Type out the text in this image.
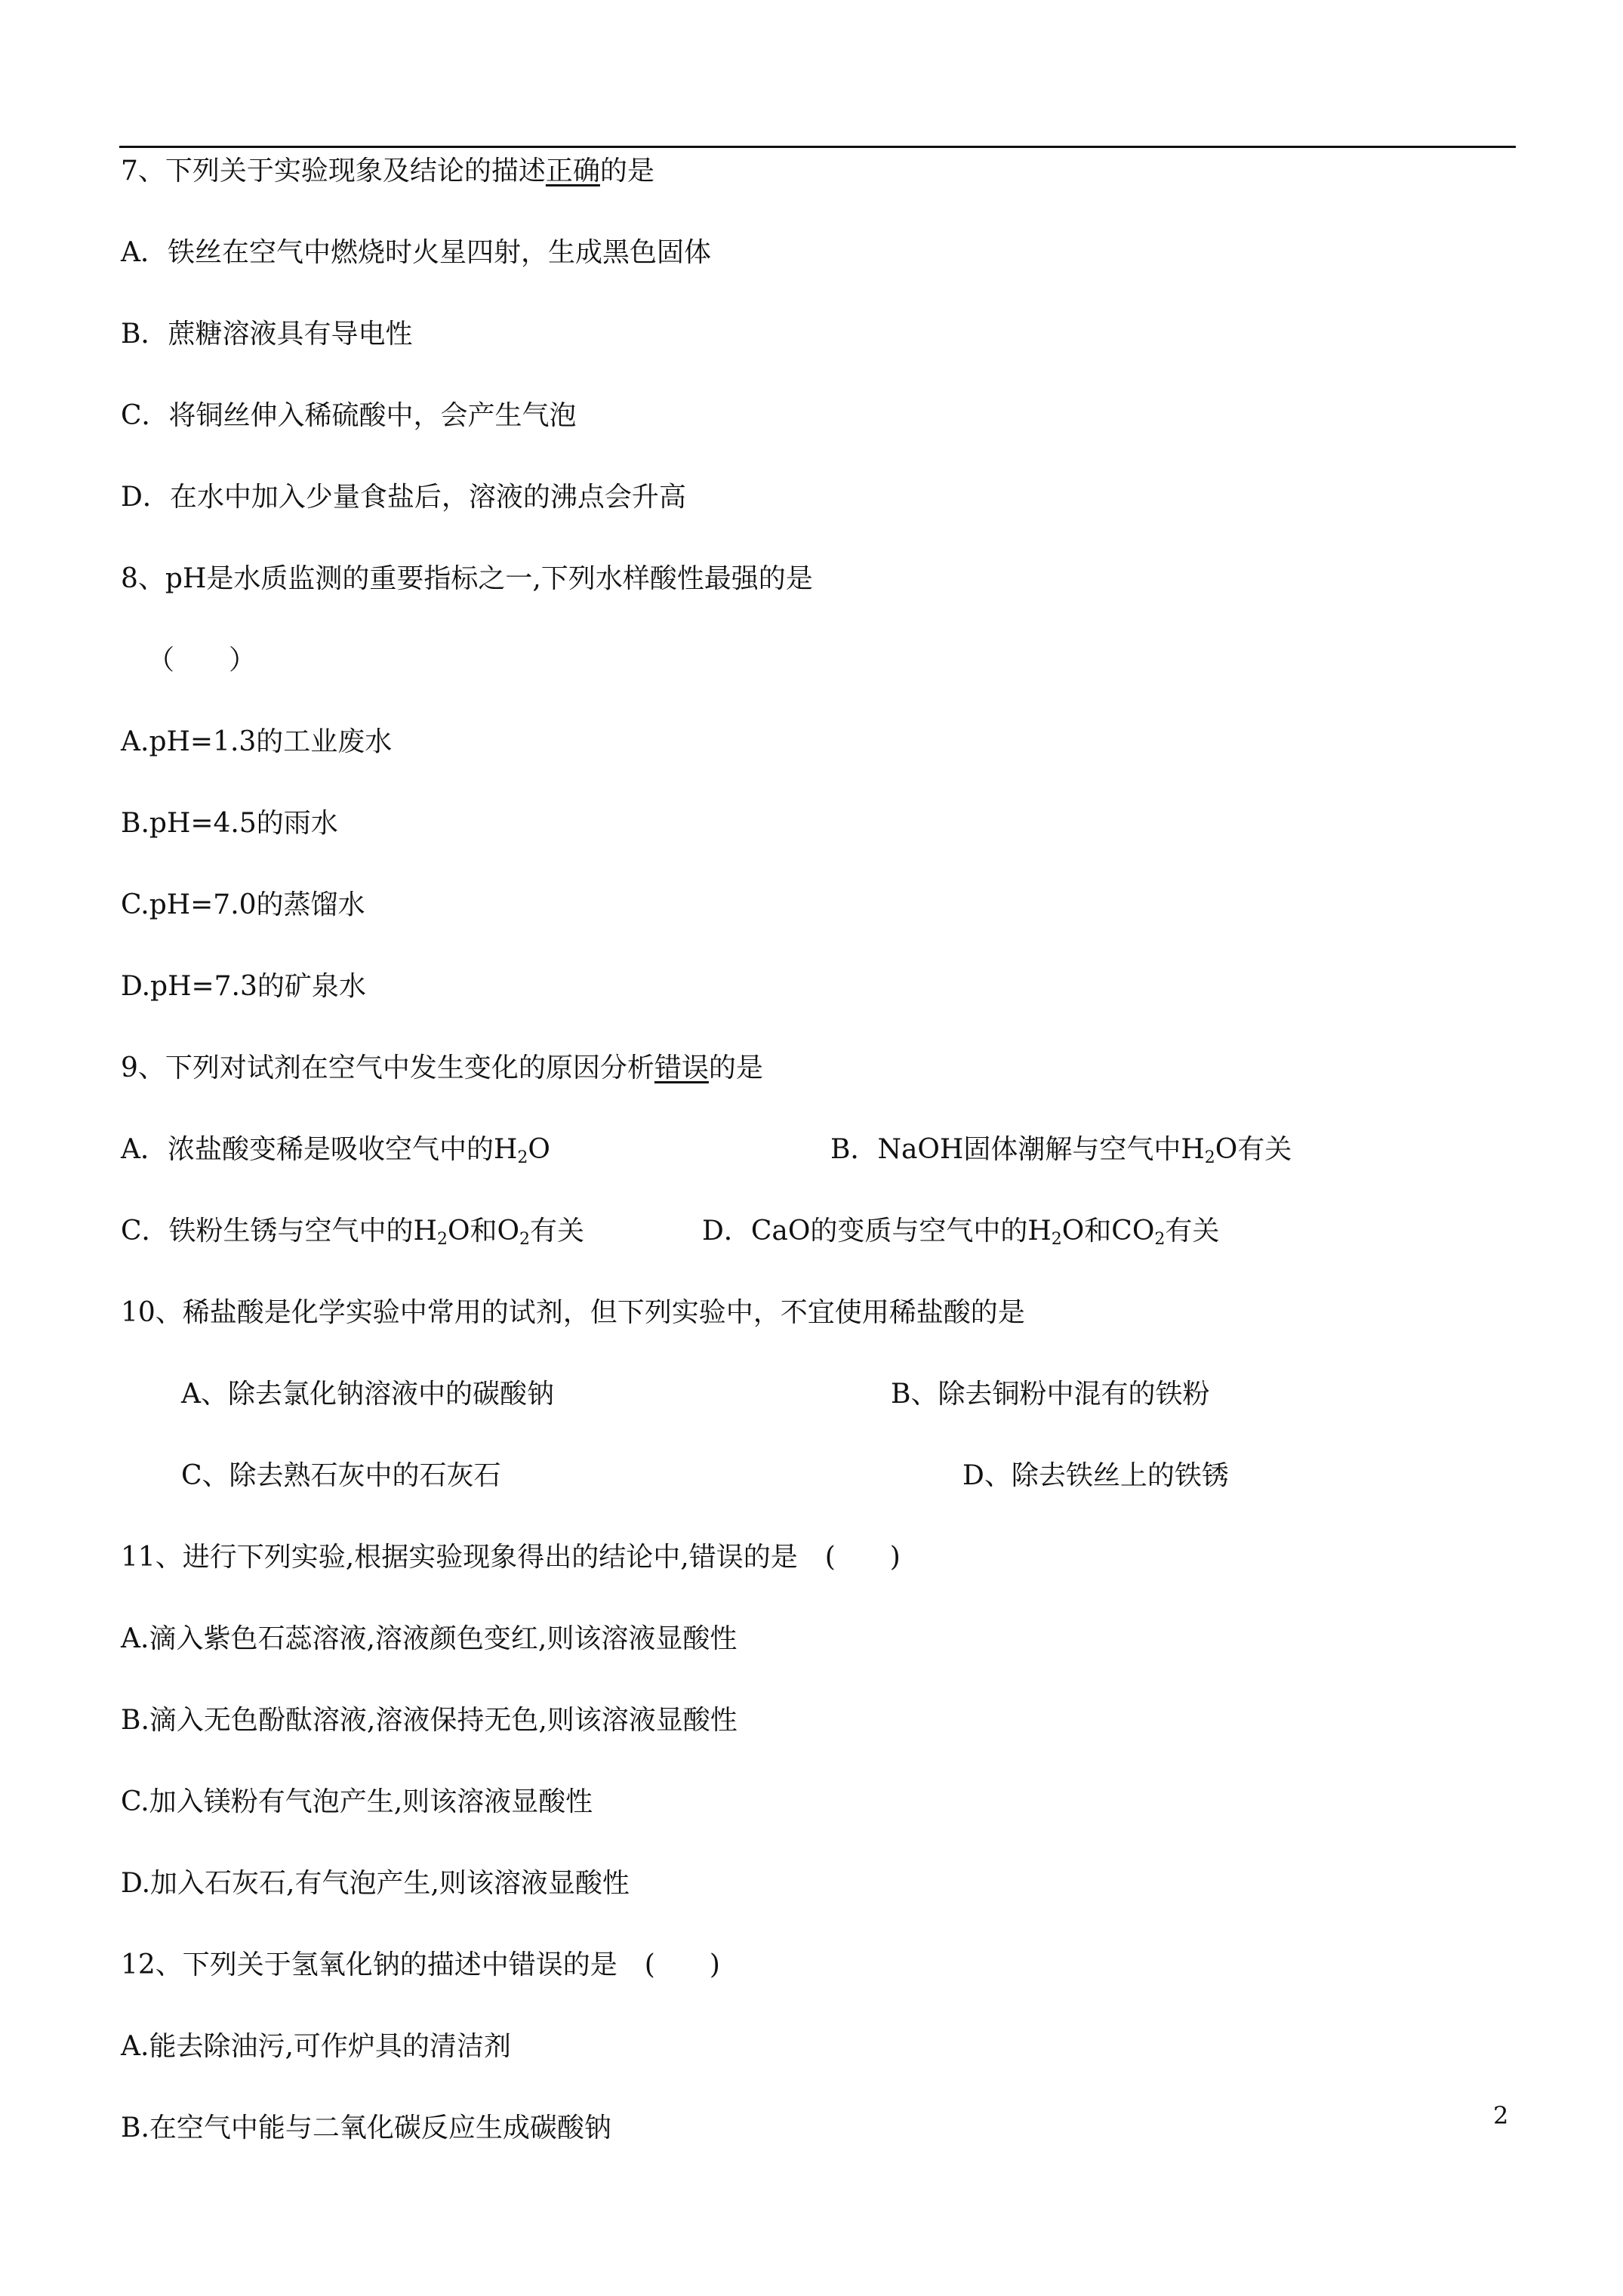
7、下列关于实验现象及结论的描述正确的是
A．铁丝在空气中燃烧时火星四射，生成黑色固体
B．蔗糖溶液具有导电性
C．将铜丝伸入稀硫酸中，会产生气泡
D．在水中加入少量食盐后，溶液的沸点会升高
8、pH是水质监测的重要指标之一,下列水样酸性最强的是
（　　）
A.pH=1.3的工业废水
B.pH=4.5的雨水
C.pH=7.0的蒸馏水
D.pH=7.3的矿泉水
9、下列对试剂在空气中发生变化的原因分析错误的是
A．浓盐酸变稀是吸收空气中的$H_2O$	B．NaOH固体潮解与空气中$H_2O$有关
C．铁粉生锈与空气中的$H_2O$和$O_2$有关	D．CaO的变质与空气中的$H_2O$和$CO_2$有关
10、稀盐酸是化学实验中常用的试剂，但下列实验中，不宜使用稀盐酸的是
A、除去氯化钠溶液中的碳酸钠	B、除去铜粉中混有的铁粉
C、除去熟石灰中的石灰石	D、除去铁丝上的铁锈
11、进行下列实验,根据实验现象得出的结论中,错误的是　(　　)
A.滴入紫色石蕊溶液,溶液颜色变红,则该溶液显酸性
B.滴入无色酚酞溶液,溶液保持无色,则该溶液显酸性
C.加入镁粉有气泡产生,则该溶液显酸性
D.加入石灰石,有气泡产生,则该溶液显酸性
12、下列关于氢氧化钠的描述中错误的是　(　　)
A.能去除油污,可作炉具的清洁剂
B.在空气中能与二氧化碳反应生成碳酸钠	2
